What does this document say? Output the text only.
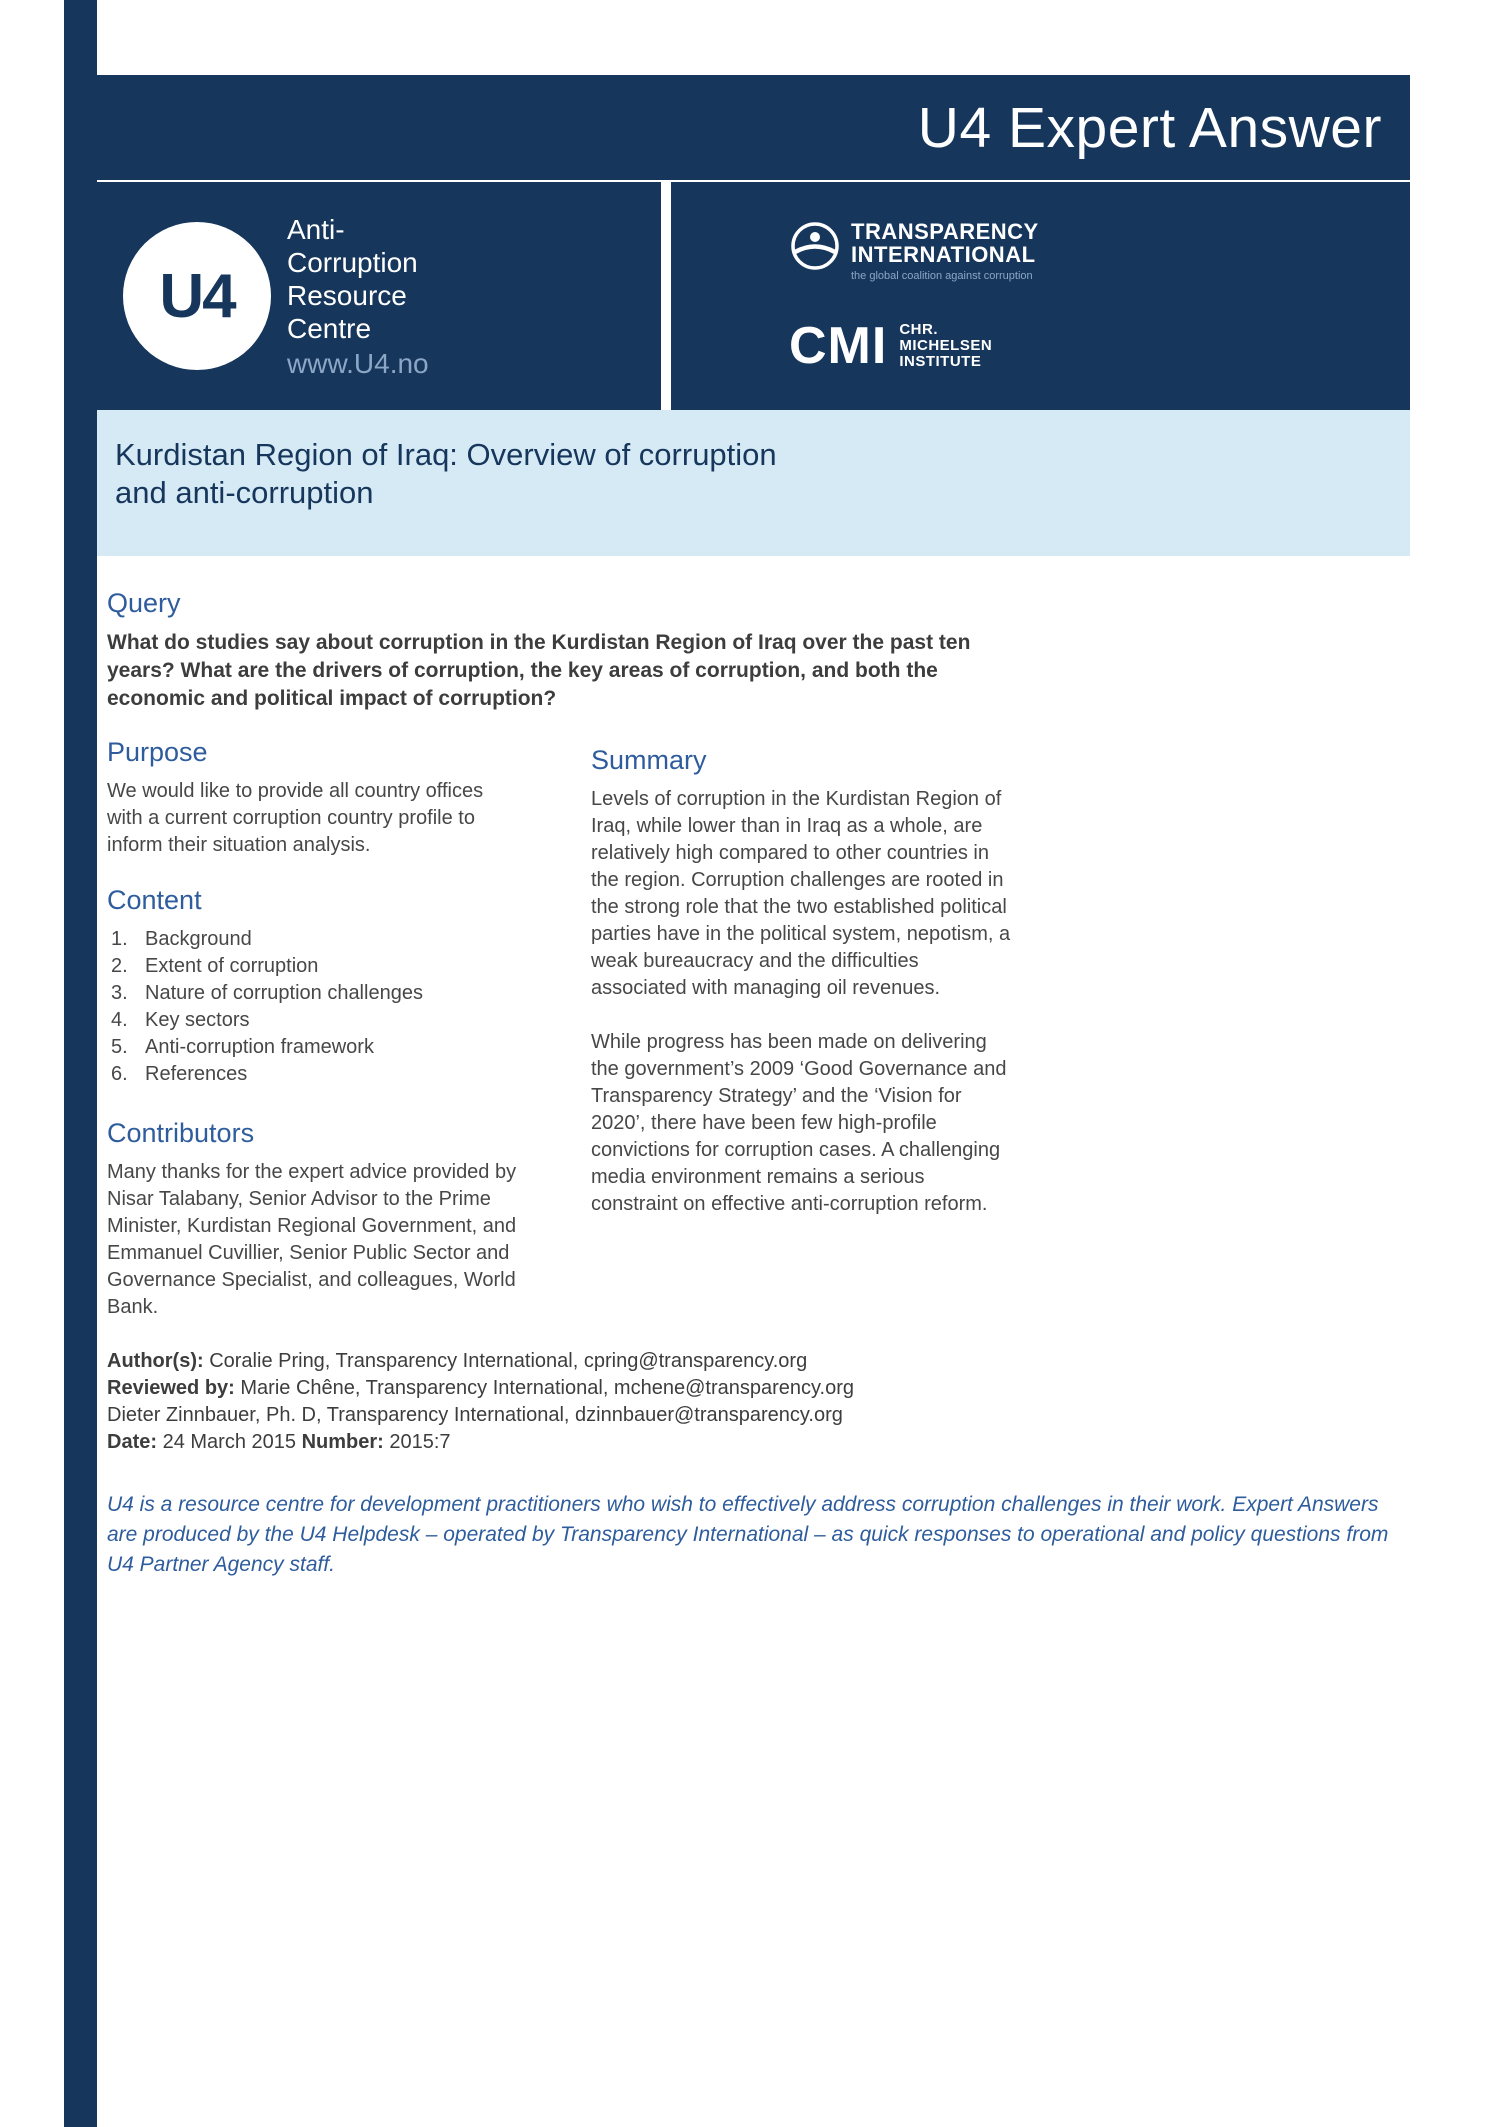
U4 Expert Answer
U4
Anti-
Corruption
Resource
Centre
www.U4.no
TRANSPARENCY
INTERNATIONAL
the global coalition against corruption
CMI CHR.
MICHELSEN
INSTITUTE
Kurdistan Region of Iraq: Overview of corruption and anti-corruption
Query

What do studies say about corruption in the Kurdistan Region of Iraq over the past ten years? What are the drivers of corruption, the key areas of corruption, and both the economic and political impact of corruption?

Purpose

We would like to provide all country offices with a current corruption country profile to inform their situation analysis.

Content
Background
Extent of corruption
Nature of corruption challenges
Key sectors
Anti-corruption framework
References
Contributors

Many thanks for the expert advice provided by Nisar Talabany, Senior Advisor to the Prime Minister, Kurdistan Regional Government, and Emmanuel Cuvillier, Senior Public Sector and Governance Specialist, and colleagues, World Bank.

Summary

Levels of corruption in the Kurdistan Region of Iraq, while lower than in Iraq as a whole, are relatively high compared to other countries in the region. Corruption challenges are rooted in the strong role that the two established political parties have in the political system, nepotism, a weak bureaucracy and the difficulties associated with managing oil revenues.

While progress has been made on delivering the government’s 2009 ‘Good Governance and Transparency Strategy’ and the ‘Vision for 2020’, there have been few high-profile convictions for corruption cases. A challenging media environment remains a serious constraint on effective anti-corruption reform.

Author(s): Coralie Pring, Transparency International, cpring@transparency.org
Reviewed by: Marie Chêne, Transparency International, mchene@transparency.org
Dieter Zinnbauer, Ph. D, Transparency International, dzinnbauer@transparency.org
Date: 24 March 2015 Number: 2015:7

U4 is a resource centre for development practitioners who wish to effectively address corruption challenges in their work. Expert Answers are produced by the U4 Helpdesk – operated by Transparency International – as quick responses to operational and policy questions from U4 Partner Agency staff.
